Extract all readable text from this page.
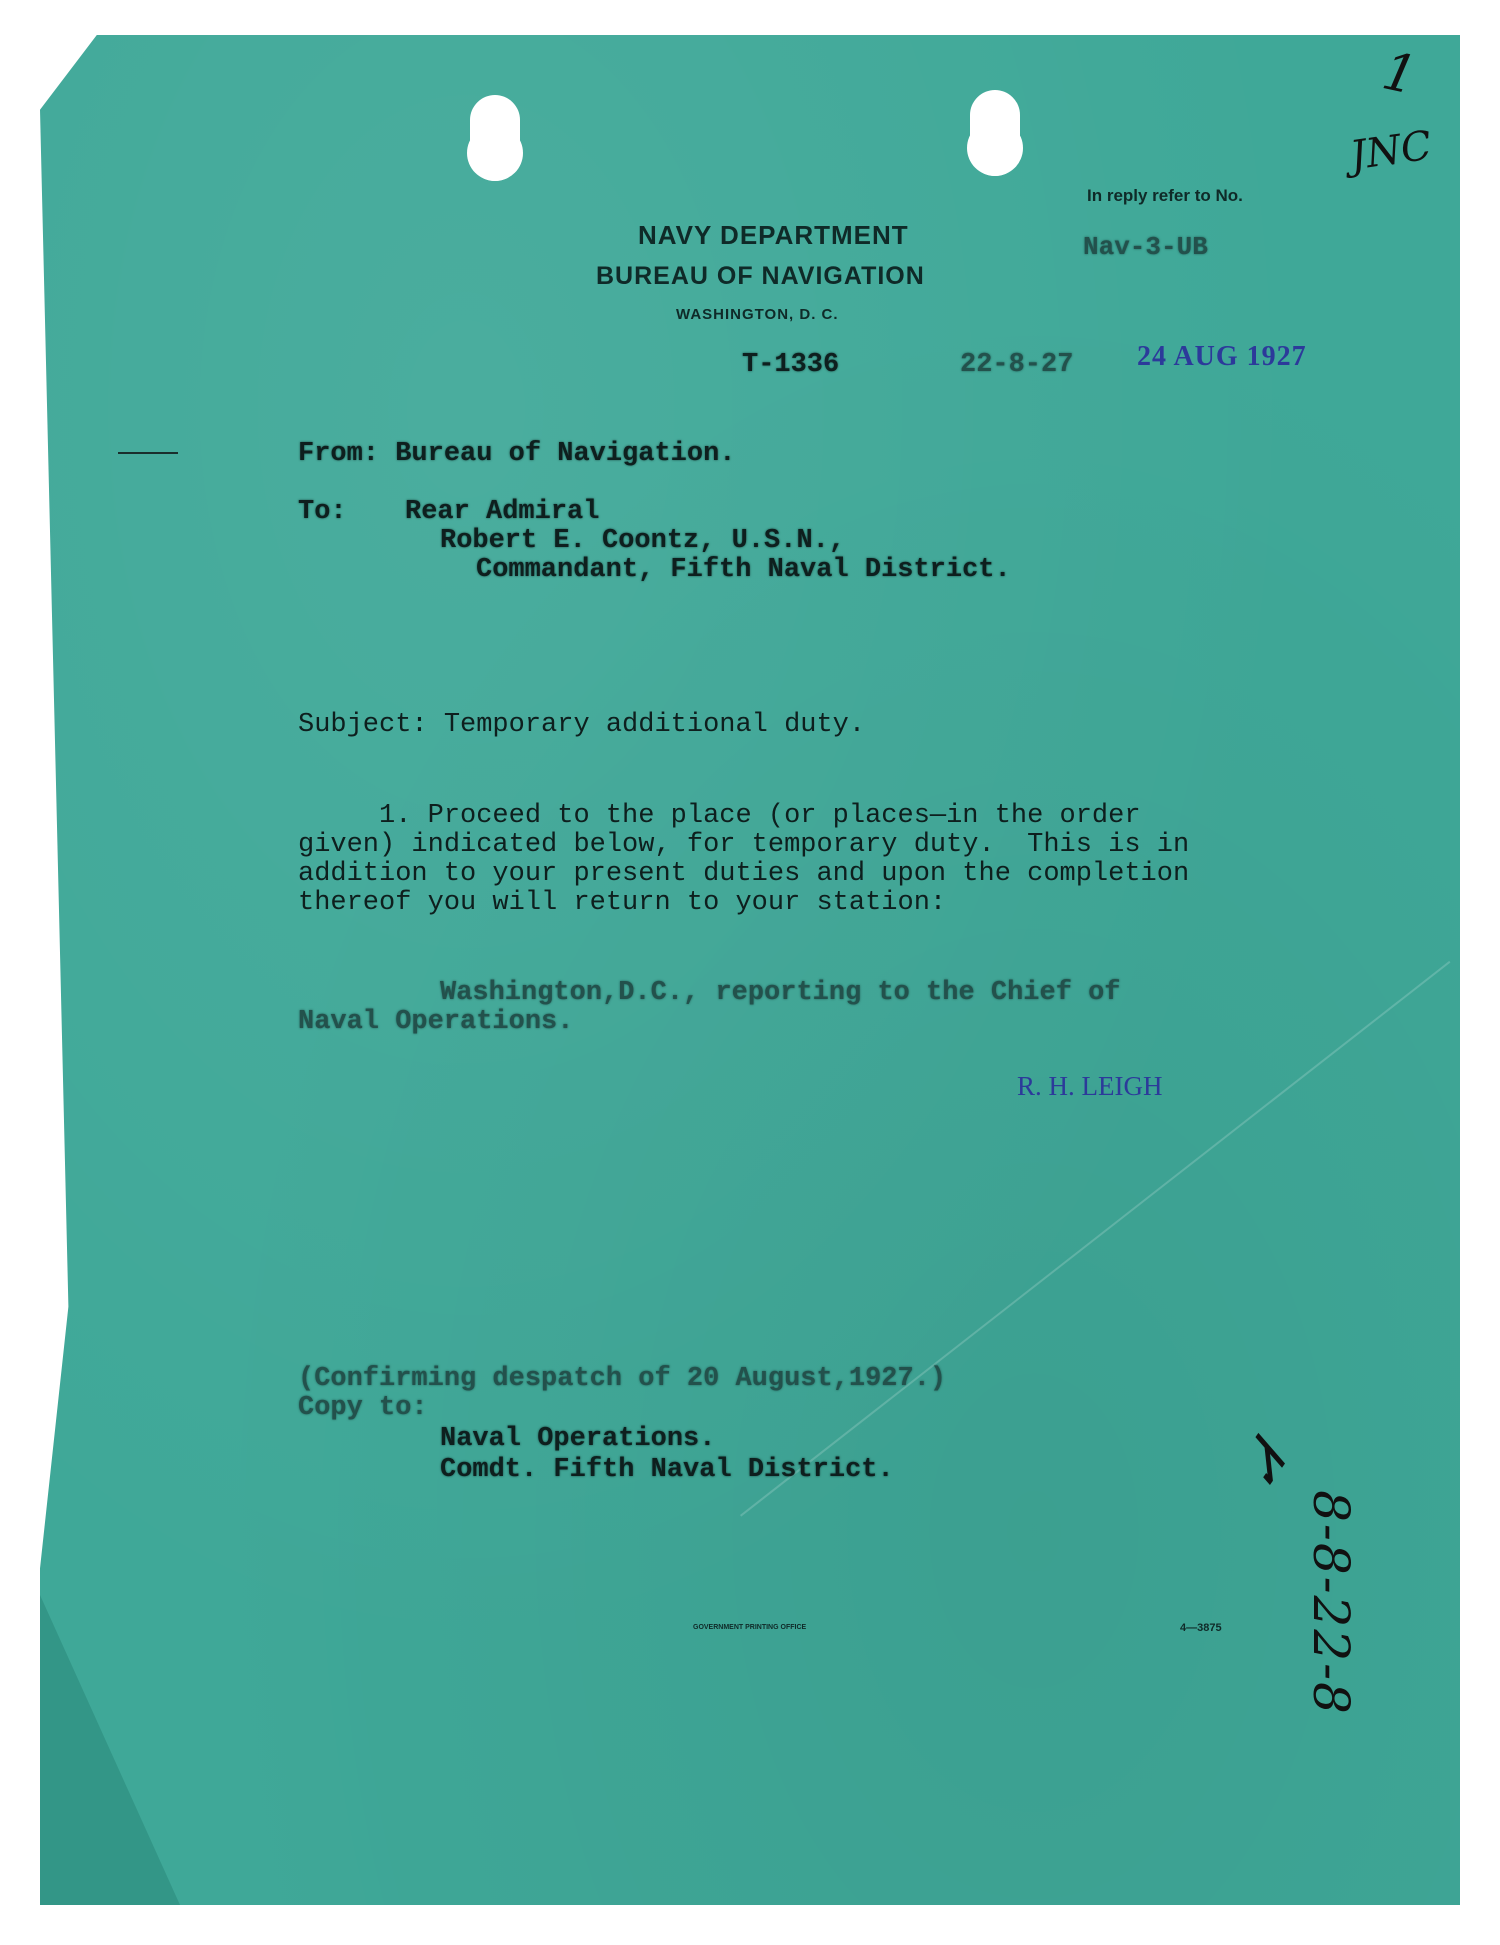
In reply refer to No.
Nav-3-UB
NAVY DEPARTMENT
BUREAU OF NAVIGATION
WASHINGTON, D. C.
T-1336	22-8-27 24 AUG 1927
From: Bureau of Navigation.
To: Rear Admiral
Robert E. Coontz, U.S.N.,
Commandant, Fifth Naval District.
Subject: Temporary additional duty.
1. Proceed to the place (or places—in the order
given) indicated below, for temporary duty.  This is in
addition to your present duties and upon the completion
thereof you will return to your station:
Washington,D.C., reporting to the Chief of
Naval Operations.
R. H. LEIGH
(Confirming despatch of 20 August,1927.)
Copy to:
Naval Operations.
Comdt. Fifth Naval District.
GOVERNMENT PRINTING OFFICE	4—3875
1
JNC
Ꮧ
8-8-22-8
